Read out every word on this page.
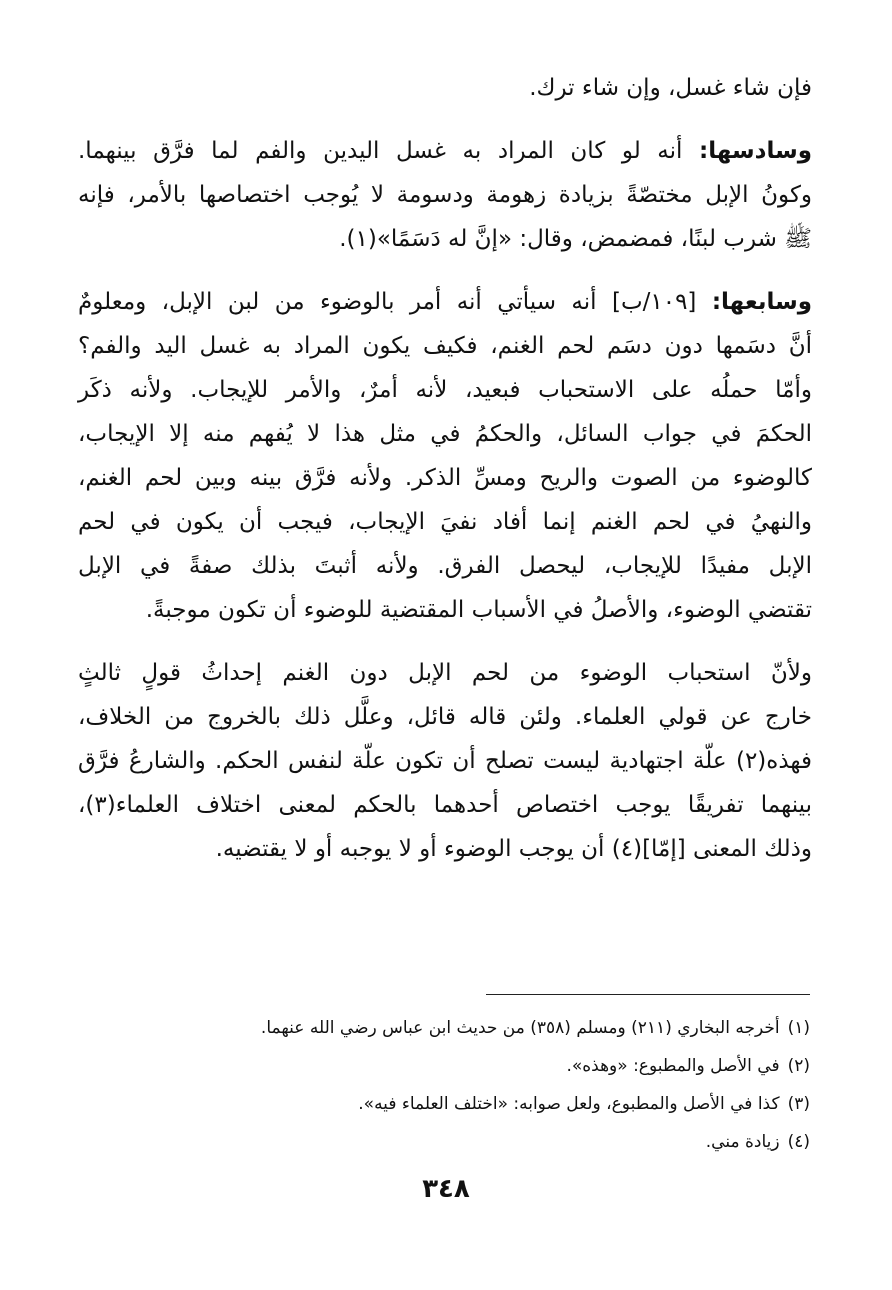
فإن شاء غسل، وإن شاء ترك.
وسادسها: أنه لو كان المراد به غسل اليدين والفم لما فرَّق بينهما.
وكونُ الإبل مختصّةً بزيادة زهومة ودسومة لا يُوجب اختصاصها بالأمر، فإنه
ﷺ شرب لبنًا، فمضمض، وقال: «إنَّ له دَسَمًا»(١).
وسابعها: [١٠٩/ب] أنه سيأتي أنه أمر بالوضوء من لبن الإبل، ومعلومٌ
أنَّ دسَمها دون دسَم لحم الغنم، فكيف يكون المراد به غسل اليد والفم؟
وأمّا حملُه على الاستحباب فبعيد، لأنه أمرٌ، والأمر للإيجاب. ولأنه ذكَر
الحكمَ في جواب السائل، والحكمُ في مثل هذا لا يُفهم منه إلا الإيجاب،
كالوضوء من الصوت والريح ومسِّ الذكر. ولأنه فرَّق بينه وبين لحم الغنم،
والنهيُ في لحم الغنم إنما أفاد نفيَ الإيجاب، فيجب أن يكون في لحم
الإبل مفيدًا للإيجاب، ليحصل الفرق. ولأنه أثبتَ بذلك صفةً في الإبل
تقتضي الوضوء، والأصلُ في الأسباب المقتضية للوضوء أن تكون موجبةً.
ولأنّ استحباب الوضوء من لحم الإبل دون الغنم إحداثُ قولٍ ثالثٍ
خارج عن قولي العلماء. ولئن قاله قائل، وعلَّل ذلك بالخروج من الخلاف،
فهذه(٢) علّة اجتهادية ليست تصلح أن تكون علّة لنفس الحكم. والشارعُ فرَّق
بينهما تفريقًا يوجب اختصاص أحدهما بالحكم لمعنى اختلاف العلماء(٣)،
وذلك المعنى [إمّا](٤) أن يوجب الوضوء أو لا يوجبه أو لا يقتضيه.
(١)أخرجه البخاري (٢١١) ومسلم (٣٥٨) من حديث ابن عباس رضي الله عنهما.
(٢)في الأصل والمطبوع: «وهذه».
(٣)كذا في الأصل والمطبوع، ولعل صوابه: «اختلف العلماء فيه».
(٤)زيادة مني.
٣٤٨
